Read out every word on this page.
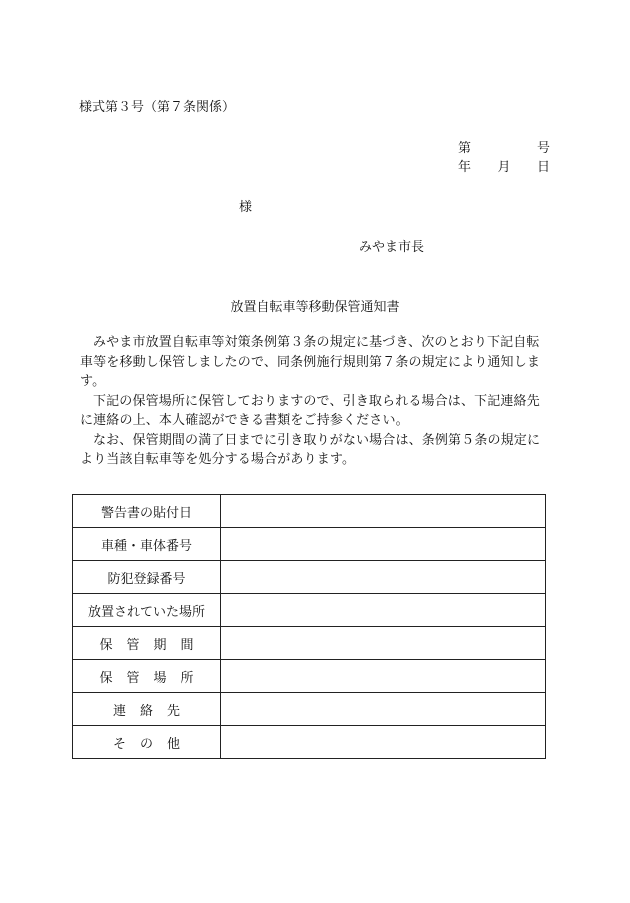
様式第３号（第７条関係）
第	号
年 月 日
様
みやま市長
放置自転車等移動保管通知書

みやま市放置自転車等対策条例第３条の規定に基づき、次のとおり下記自転車等を移動し保管しましたので、同条例施行規則第７条の規定により通知します。

下記の保管場所に保管しておりますので、引き取られる場合は、下記連絡先に連絡の上、本人確認ができる書類をご持参ください。

なお、保管期間の満了日までに引き取りがない場合は、条例第５条の規定により当該自転車等を処分する場合があります。

警告書の貼付日	
車種・車体番号	
防犯登録番号	
放置されていた場所	
保管期間	
保管場所	
連絡先	
その他	
